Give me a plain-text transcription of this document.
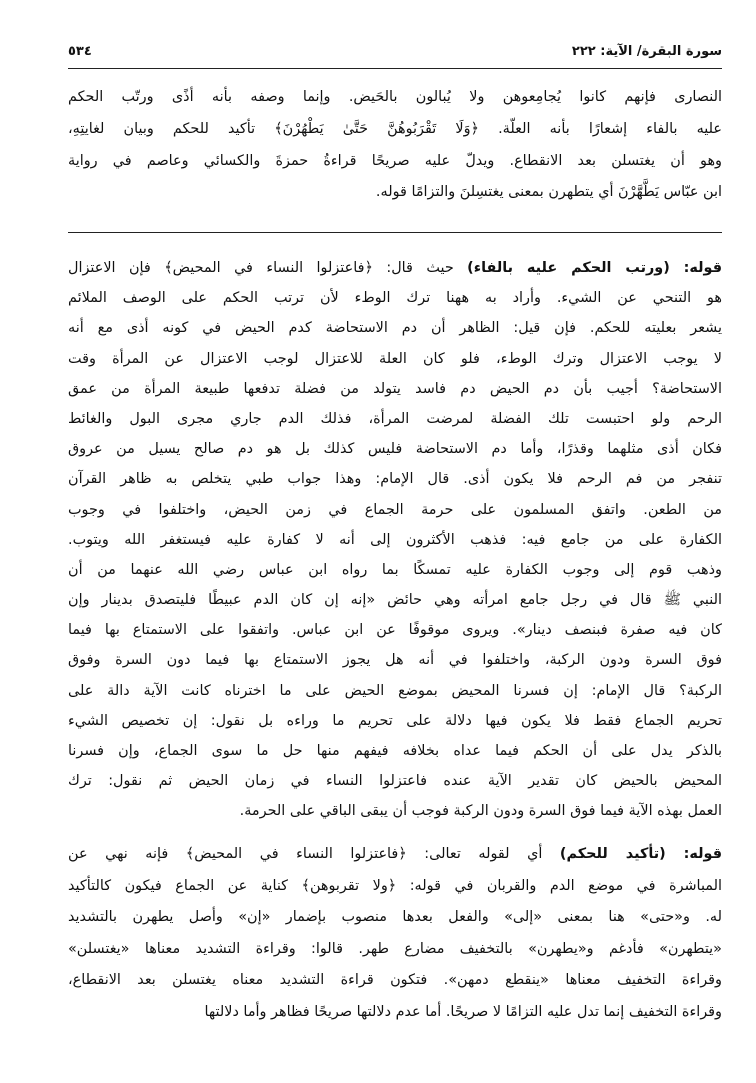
سورة البقرة/ الآية: ٢٢٢
٥٣٤
النصارى فإنهم كانوا يُجامِعوهن ولا يُبالون بالحَيض. وإنما وصفه بأنه أذًى ورتّب الحكم
عليه بالفاء إشعارًا بأنه العلّة. ﴿وَلَا تَقْرَبُوهُنَّ حَتَّىٰ يَطْهُرْنَ﴾ تأكيد للحكم وبيان لغايتِهِ،
وهو أن يغتسلن بعد الانقطاع. ويدلّ عليه صريحًا قراءةُ حمزةَ والكسائي وعاصم في رواية
ابن عبّاس يَطَّهَّرْنَ أي يتطهرن بمعنى يغتسِلنَ والتزامًا قوله.
قوله: (ورتب الحكم عليه بالفاء) حيث قال: ﴿فاعتزلوا النساء في المحيض﴾ فإن الاعتزال
هو التنحي عن الشيء. وأراد به ههنا ترك الوطء لأن ترتب الحكم على الوصف الملائم
يشعر بعليته للحكم. فإن قيل: الظاهر أن دم الاستحاضة كدم الحيض في كونه أذى مع أنه
لا يوجب الاعتزال وترك الوطء، فلو كان العلة للاعتزال لوجب الاعتزال عن المرأة وقت
الاستحاضة؟ أجيب بأن دم الحيض دم فاسد يتولد من فضلة تدفعها طبيعة المرأة من عمق
الرحم ولو احتبست تلك الفضلة لمرضت المرأة، فذلك الدم جاري مجرى البول والغائط
فكان أذى مثلهما وقذرًا، وأما دم الاستحاضة فليس كذلك بل هو دم صالح يسيل من عروق
تنفجر من فم الرحم فلا يكون أذى. قال الإمام: وهذا جواب طبي يتخلص به ظاهر القرآن
من الطعن. واتفق المسلمون على حرمة الجماع في زمن الحيض، واختلفوا في وجوب
الكفارة على من جامع فيه: فذهب الأكثرون إلى أنه لا كفارة عليه فيستغفر الله ويتوب.
وذهب قوم إلى وجوب الكفارة عليه تمسكًا بما رواه ابن عباس رضي الله عنهما من أن
النبي ﷺ قال في رجل جامع امرأته وهي حائض «إنه إن كان الدم عبيطًا فليتصدق بدينار وإن
كان فيه صفرة فبنصف دينار». ويروى موقوفًا عن ابن عباس. واتفقوا على الاستمتاع بها فيما
فوق السرة ودون الركبة، واختلفوا في أنه هل يجوز الاستمتاع بها فيما دون السرة وفوق
الركبة؟ قال الإمام: إن فسرنا المحيض بموضع الحيض على ما اخترناه كانت الآية دالة على
تحريم الجماع فقط فلا يكون فيها دلالة على تحريم ما وراءه بل نقول: إن تخصيص الشيء
بالذكر يدل على أن الحكم فيما عداه بخلافه فيفهم منها حل ما سوى الجماع، وإن فسرنا
المحيض بالحيض كان تقدير الآية عنده فاعتزلوا النساء في زمان الحيض ثم نقول: ترك
العمل بهذه الآية فيما فوق السرة ودون الركبة فوجب أن يبقى الباقي على الحرمة.
قوله: (تأكيد للحكم) أي لقوله تعالى: ﴿فاعتزلوا النساء في المحيض﴾ فإنه نهي عن
المباشرة في موضع الدم والقربان في قوله: ﴿ولا تقربوهن﴾ كناية عن الجماع فيكون كالتأكيد
له. و«حتى» هنا بمعنى «إلى» والفعل بعدها منصوب بإضمار «إن» وأصل يطهرن بالتشديد
«يتطهرن» فأدغم و«يطهرن» بالتخفيف مضارع طهر. قالوا: وقراءة التشديد معناها «يغتسلن»
وقراءة التخفيف معناها «ينقطع دمهن». فتكون قراءة التشديد معناه يغتسلن بعد الانقطاع،
وقراءة التخفيف إنما تدل عليه التزامًا لا صريحًا. أما عدم دلالتها صريحًا فظاهر وأما دلالتها
